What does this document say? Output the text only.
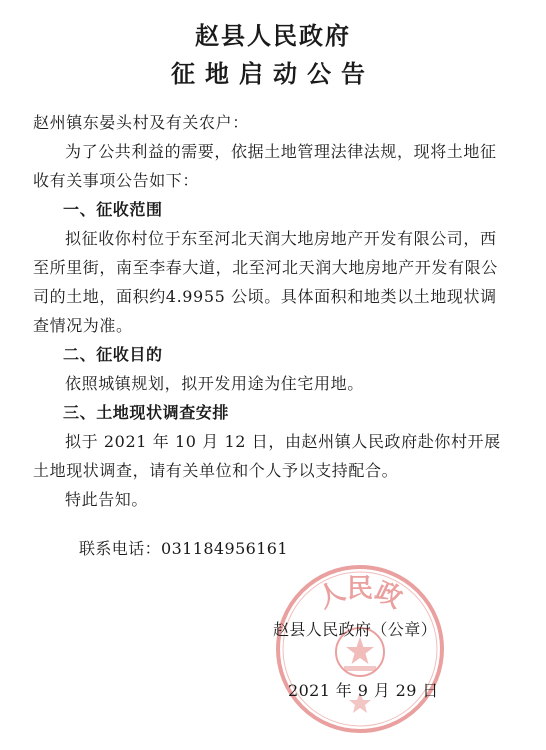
赵县人民政府
征地启动公告
赵州镇东晏头村及有关农户：
为了公共利益的需要，依据土地管理法律法规，现将土地征收有关事项公告如下：
一、征收范围
拟征收你村位于东至河北天润大地房地产开发有限公司，西至所里街，南至李春大道，北至河北天润大地房地产开发有限公司的土地，面积约4.9955 公顷。具体面积和地类以土地现状调查情况为准。
二、征收目的
依照城镇规划，拟开发用途为住宅用地。
三、土地现状调查安排
拟于 2021 年 10 月 12 日，由赵州镇人民政府赴你村开展土地现状调查，请有关单位和个人予以支持配合。
特此告知。
联系电话：031184956161
人民政
赵县人民政府（公章）
2021 年 9 月 29 日
